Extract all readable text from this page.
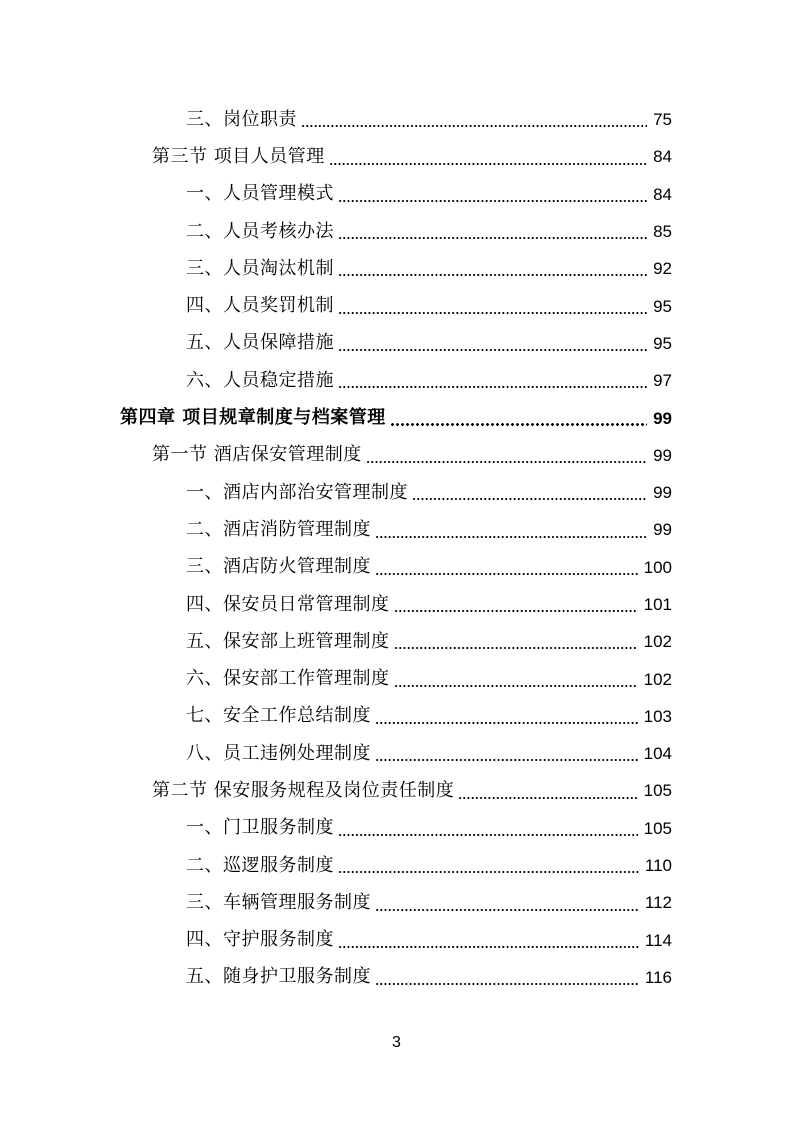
三、岗位职责	75
第三节 项目人员管理	84
一、人员管理模式	84
二、人员考核办法	85
三、人员淘汰机制	92
四、人员奖罚机制	95
五、人员保障措施	95
六、人员稳定措施	97
第四章 项目规章制度与档案管理	99
第一节 酒店保安管理制度	99
一、酒店内部治安管理制度	99
二、酒店消防管理制度	99
三、酒店防火管理制度	100
四、保安员日常管理制度	101
五、保安部上班管理制度	102
六、保安部工作管理制度	102
七、安全工作总结制度	103
八、员工违例处理制度	104
第二节 保安服务规程及岗位责任制度	105
一、门卫服务制度	105
二、巡逻服务制度	110
三、车辆管理服务制度	112
四、守护服务制度	114
五、随身护卫服务制度	116
3
